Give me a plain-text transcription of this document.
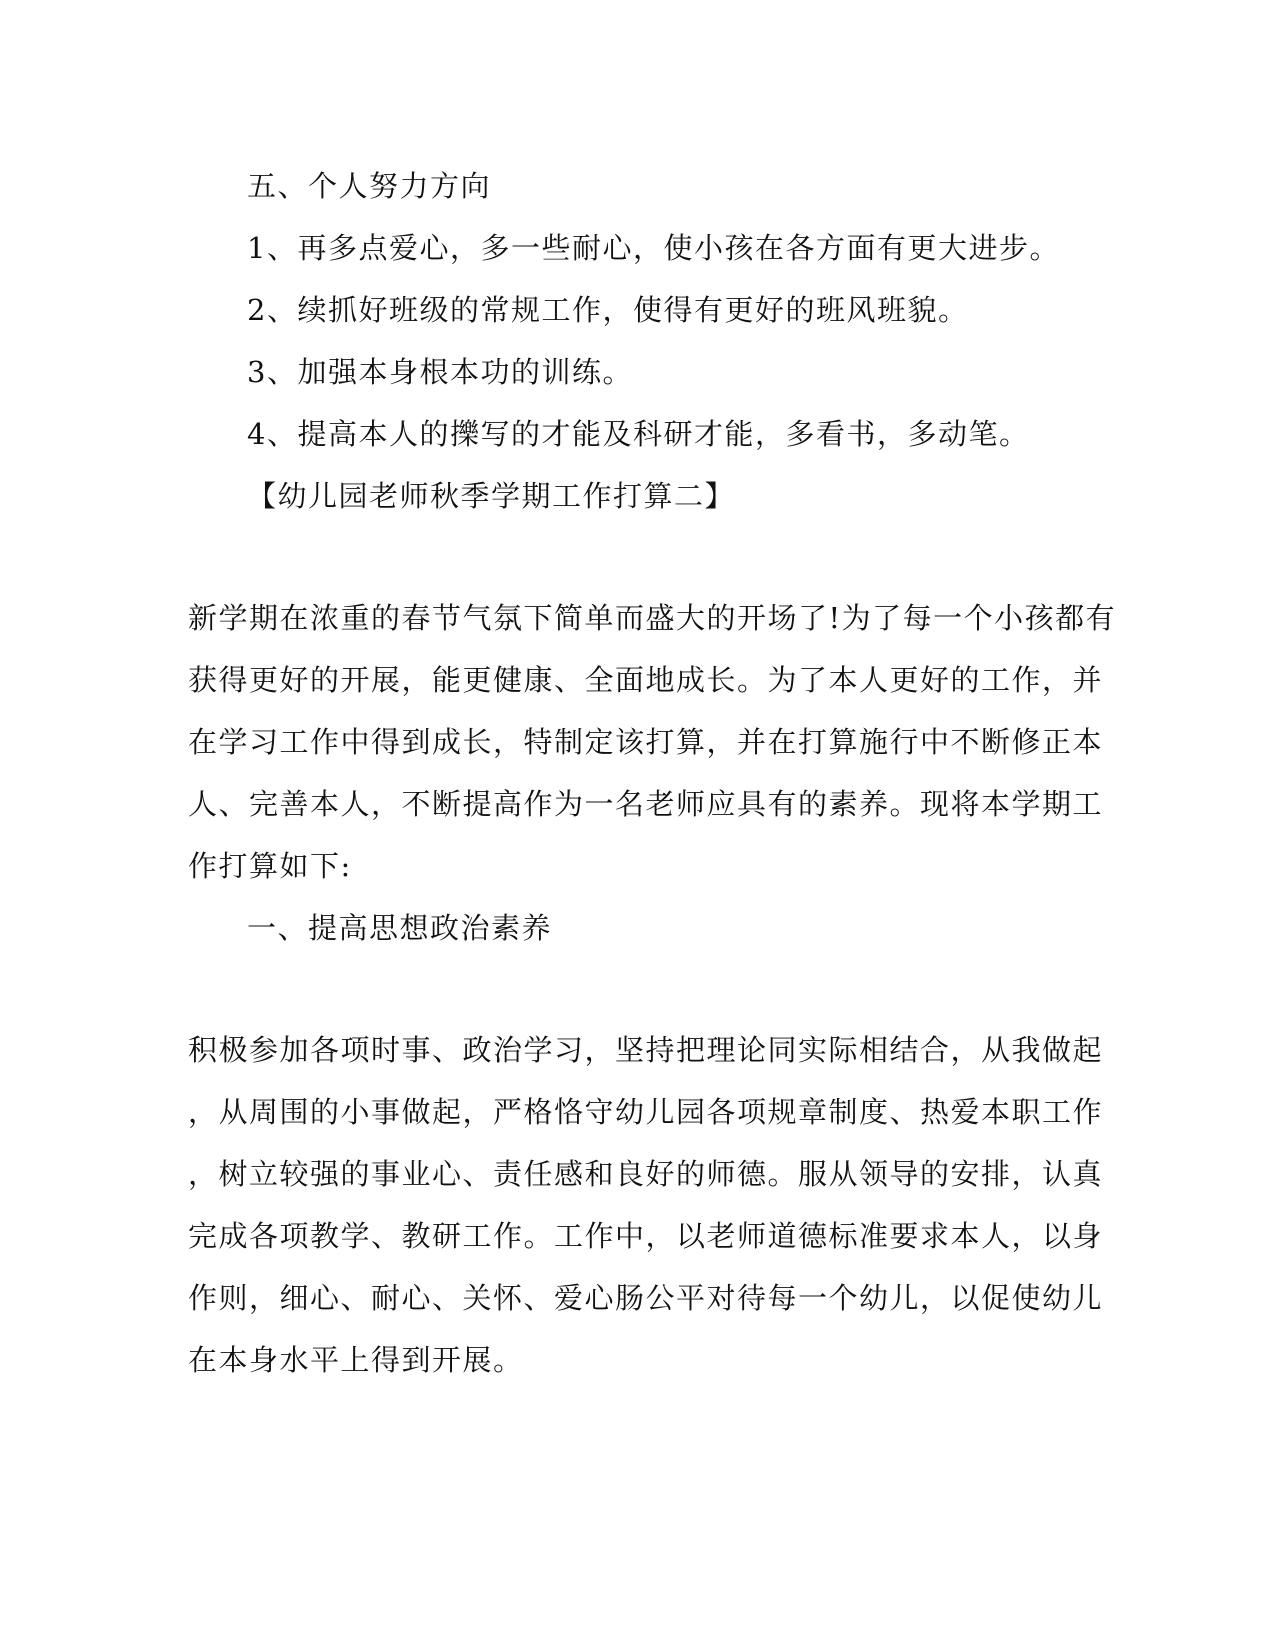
五、个人努力方向
1、再多点爱心，多一些耐心，使小孩在各方面有更大进步。
2、续抓好班级的常规工作，使得有更好的班风班貌。
3、加强本身根本功的训练。
4、提高本人的擽写的才能及科研才能，多看书，多动笔。
【幼儿园老师秋季学期工作打算二】
新学期在浓重的春节气氛下简单而盛大的开场了!为了每一个小孩都有
获得更好的开展，能更健康、全面地成长。为了本人更好的工作，并
在学习工作中得到成长，特制定该打算，并在打算施行中不断修正本
人、完善本人，不断提高作为一名老师应具有的素养。现将本学期工
作打算如下:
一、提高思想政治素养
积极参加各项时事、政治学习，坚持把理论同实际相结合，从我做起
，从周围的小事做起，严格恪守幼儿园各项规章制度、热爱本职工作
，树立较强的事业心、责任感和良好的师德。服从领导的安排，认真
完成各项教学、教研工作。工作中，以老师道德标准要求本人，以身
作则，细心、耐心、关怀、爱心肠公平对待每一个幼儿，以促使幼儿
在本身水平上得到开展。
